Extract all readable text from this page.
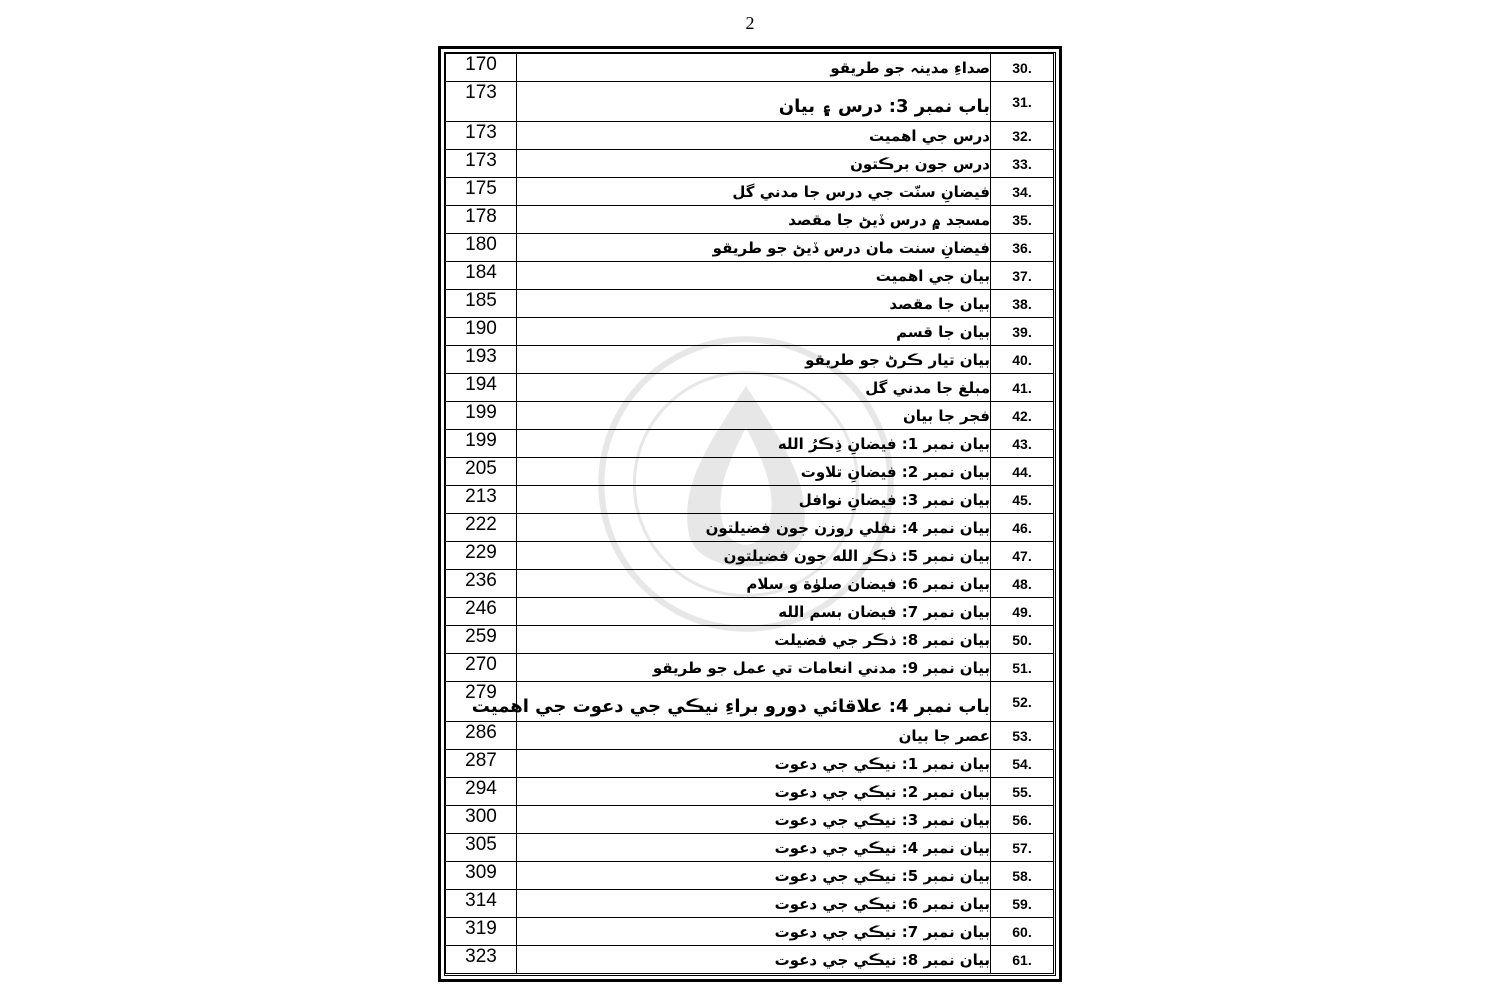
2
170	صداءِ مدينہ جو طريقو	30.
173	باب نمبر 3: درس ۽ بيان	31.
173	درس جي اهميت	32.
173	درس جون برڪتون	33.
175	فيضانِ سنّت جي درس جا مدني گل	34.
178	مسجد ۾ درس ڏيڻ جا مقصد	35.
180	فيضانِ سنت مان درس ڏيڻ جو طريقو	36.
184	بيان جي اهميت	37.
185	بيان جا مقصد	38.
190	بيان جا قسم	39.
193	بيان تيار ڪرڻ جو طريقو	40.
194	مبلغ جا مدني گل	41.
199	فجر جا بيان	42.
199	بيان نمبر 1: فيضانِ ذِڪرُ الله	43.
205	بيان نمبر 2: فيضانِ تلاوت	44.
213	بيان نمبر 3: فيضانِ نوافل	45.
222	بيان نمبر 4: نفلي روزن جون فضيلتون	46.
229	بيان نمبر 5: ذڪر الله جون فضيلتون	47.
236	بيان نمبر 6: فيضان صلوٰة و سلام	48.
246	بيان نمبر 7: فيضان بسم الله	49.
259	بيان نمبر 8: ذڪر جي فضيلت	50.
270	بيان نمبر 9: مدني انعامات تي عمل جو طريقو	51.
279	باب نمبر 4: علاقائي دورو براءِ نيڪي جي دعوت جي اهميت	52.
286	عصر جا بيان	53.
287	بيان نمبر 1: نيڪي جي دعوت	54.
294	بيان نمبر 2: نيڪي جي دعوت	55.
300	بيان نمبر 3: نيڪي جي دعوت	56.
305	بيان نمبر 4: نيڪي جي دعوت	57.
309	بيان نمبر 5: نيڪي جي دعوت	58.
314	بيان نمبر 6: نيڪي جي دعوت	59.
319	بيان نمبر 7: نيڪي جي دعوت	60.
323	بيان نمبر 8: نيڪي جي دعوت	61.
